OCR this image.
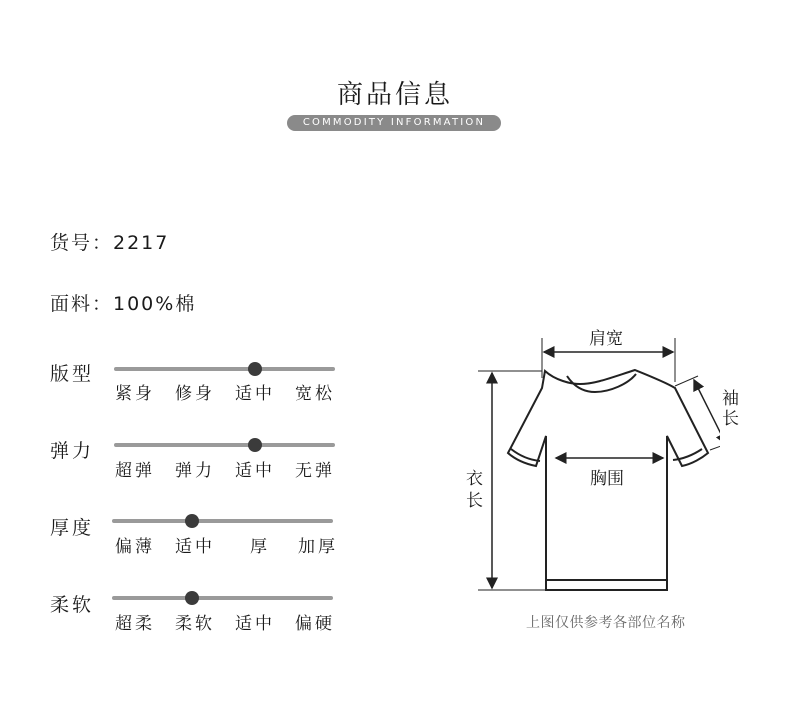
商品信息
COMMODITY INFORMATION
货号：2217
面料：100%棉
版型
紧身 修身 适中 宽松
弹力
超弹 弹力 适中 无弹
厚度
偏薄 适中 厚 加厚
柔软
超柔 柔软 适中 偏硬
肩宽
袖
长
胸围
衣
长
上图仅供参考各部位名称
